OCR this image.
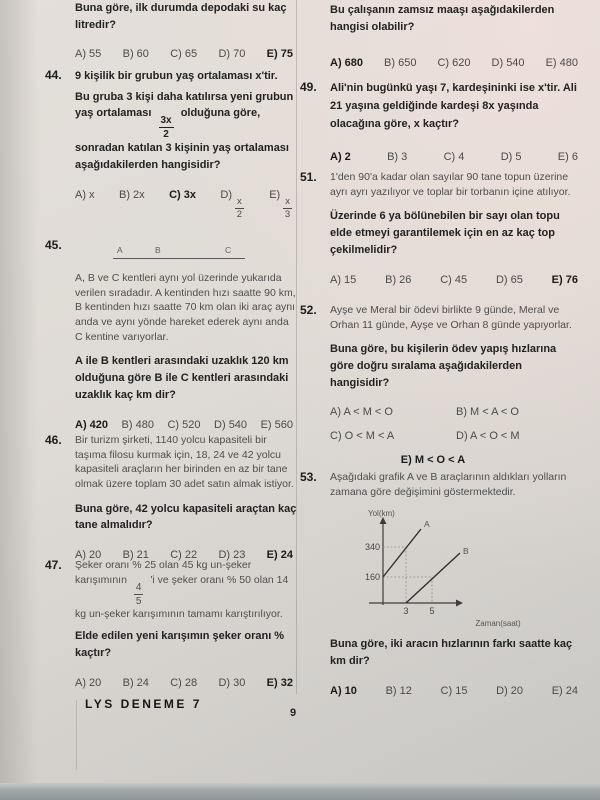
Buna göre, ilk durumda depodaki su kaç litredir?

A) 55 B) 60 C) 65 D) 70 E) 75
44. 9 kişilik bir grubun yaş ortalaması x'tir.

Bu gruba 3 kişi daha katılırsa yeni grubun yaş ortalaması
$\frac{3x}{2}$
olduğuna göre, sonradan katılan 3 kişinin yaş ortalaması aşağıdakilerden hangisidir?

A) x B) 2x C) 3x D)
$\frac{x}{2}$
E)
$\frac{x}{3}$
45.	A	B	C

A, B ve C kentleri aynı yol üzerinde yukarıda verilen sıradadır. A kentinden hızı saatte 90 km, B kentinden hızı saatte 70 km olan iki araç aynı anda ve aynı yönde hareket ederek aynı anda C kentine varıyorlar.

A ile B kentleri arasındaki uzaklık 120 km olduğuna göre B ile C kentleri arasındaki uzaklık kaç km dir?

A) 420 B) 480 C) 520 D) 540 E) 560
46. Bir turizm şirketi, 1140 yolcu kapasiteli bir taşıma filosu kurmak için, 18, 24 ve 42 yolcu kapasiteli araçların her birinden en az bir tane olmak üzere toplam 30 adet satın almak istiyor.

Buna göre, 42 yolcu kapasiteli araçtan kaç tane almalıdır?

A) 20 B) 21 C) 22 D) 23 E) 24
47. Şeker oranı % 25 olan 45 kg un-şeker karışımının
$\frac{4}{5}$
'i ve şeker oranı % 50 olan 14 kg un-şeker karışımının tamamı karıştırılıyor.

Elde edilen yeni karışımın şeker oranı % kaçtır?

A) 20 B) 24 C) 28 D) 30 E) 32

Bu çalışanın zamsız maaşı aşağıdakilerden hangisi olabilir?

A) 680 B) 650 C) 620 D) 540 E) 480
49. Ali'nin bugünkü yaşı 7, kardeşininki ise x'tir. Ali 21 yaşına geldiğinde kardeşi 8x yaşında olacağına göre, x kaçtır?

A) 2	B) 3	C) 4	D) 5	E) 6
51. 1'den 90'a kadar olan sayılar 90 tane topun üzerine ayrı ayrı yazılıyor ve toplar bir torbanın içine atılıyor.

Üzerinde 6 ya bölünebilen bir sayı olan topu elde etmeyi garantilemek için en az kaç top çekilmelidir?

A) 15	B) 26	C) 45	D) 65	E) 76
52. Ayşe ve Meral bir ödevi birlikte 9 günde, Meral ve Orhan 11 günde, Ayşe ve Orhan 8 günde yapıyorlar.

Buna göre, bu kişilerin ödev yapış hızlarına göre doğru sıralama aşağıdakilerden hangisidir?

A) A < M < O	B) M < A < O
C) O < M < A	D) A < O < M
E) M < O < A
53. Aşağıdaki grafik A ve B araçlarının aldıkları yolların zamana göre değişimini göstermektedir.

Yol(km)
340
160
3 5
A
B
Zaman(saat)

Buna göre, iki aracın hızlarının farkı saatte kaç km dir?

A) 10	B) 12	C) 15	D) 20	E) 24
LYS DENEME 7
9
